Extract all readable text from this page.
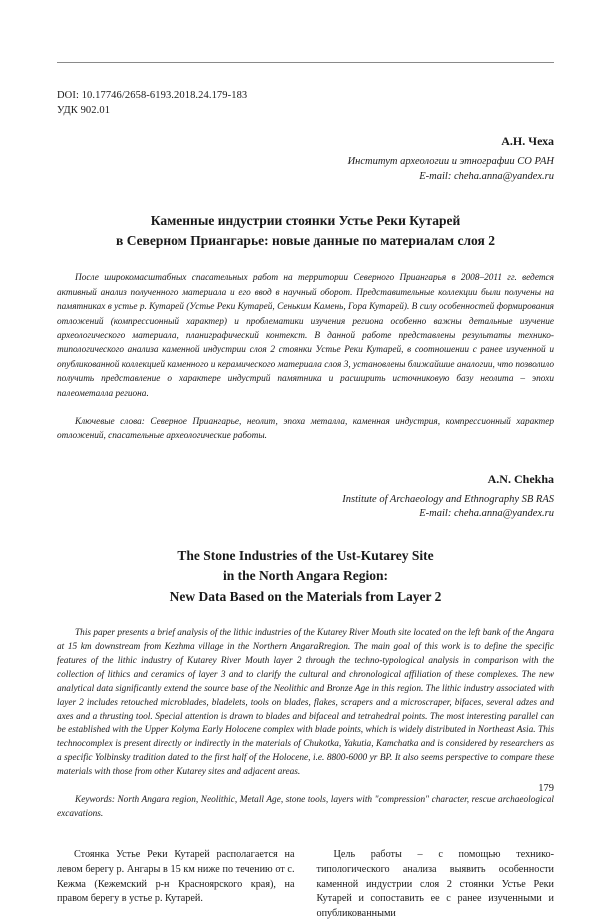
DOI: 10.17746/2658-6193.2018.24.179-183
УДК 902.01
А.Н. Чеха
Институт археологии и этнографии СО РАН
E-mail: cheha.anna@yandex.ru
Каменные индустрии стоянки Устье Реки Кутарей
в Северном Приангарье: новые данные по материалам слоя 2
После широкомасштабных спасательных работ на территории Северного Приангарья в 2008–2011 гг. ведется активный анализ полученного материала и его ввод в научный оборот. Представительные коллекции были получены на памятниках в устье р. Кутарей (Устье Реки Кутарей, Сеньким Камень, Гора Кутарей). В силу особенностей формирования отложений (компрессионный характер) и проблематики изучения региона особенно важны детальные изучение археологического материала, планиграфический контекст. В данной работе представлены результаты технико-типологического анализа каменной индустрии слоя 2 стоянки Устье Реки Кутарей, в соотношении с ранее изученной и опубликованной коллекцией каменного и керамического материала слоя 3, установлены ближайшие аналогии, что позволило получить представление о характере индустрий памятника и расширить источниковую базу неолита – эпохи палеометалла региона.
Ключевые слова: Северное Приангарье, неолит, эпоха металла, каменная индустрия, компрессионный характер отложений, спасательные археологические работы.
A.N. Chekha
Institute of Archaeology and Ethnography SB RAS
E-mail: cheha.anna@yandex.ru
The Stone Industries of the Ust-Kutarey Site
in the North Angara Region:
New Data Based on the Materials from Layer 2
This paper presents a brief analysis of the lithic industries of the Kutarey River Mouth site located on the left bank of the Angara at 15 km downstream from Kezhma village in the Northern AngaraRregion. The main goal of this work is to define the specific features of the lithic industry of Kutarey River Mouth layer 2 through the techno-typological analysis in comparison with the collection of lithics and ceramics of layer 3 and to clarify the cultural and chronological affiliation of these complexes. The new analytical data significantly extend the source base of the Neolithic and Bronze Age in this region. The lithic industry associated with layer 2 includes retouched microblades, bladelets, tools on blades, flakes, scrapers and a microscraper, bifaces, several adzes and axes and a thrusting tool. Special attention is drawn to blades and bifaceal and tetrahedral points. The most interesting parallel can be established with the Upper Kolyma Early Holocene complex with blade points, which is widely distributed in Northeast Asia. This technocomplex is present directly or indirectly in the materials of Chukotka, Yakutia, Kamchatka and is considered by researchers as a specific Yolbinsky tradition dated to the first half of the Holocene, i.e. 8800-6000 yr BP. It also seems perspective to compare these materials with those from other Kutarey sites and adjacent areas.
Keywords: North Angara region, Neolithic, Metall Age, stone tools, layers with "compression" character, rescue archaeological excavations.

Стоянка Устье Реки Кутарей располагается на левом берегу р. Ангары в 15 км ниже по течению от с. Кежма (Кежемский р-н Красноярского края), на правом берегу в устье р. Кутарей.

Цель работы – с помощью технико-типологического анализа выявить особенности каменной индустрии слоя 2 стоянки Устье Реки Кутарей и сопоставить ее с ранее изученными и опубликованными

179
